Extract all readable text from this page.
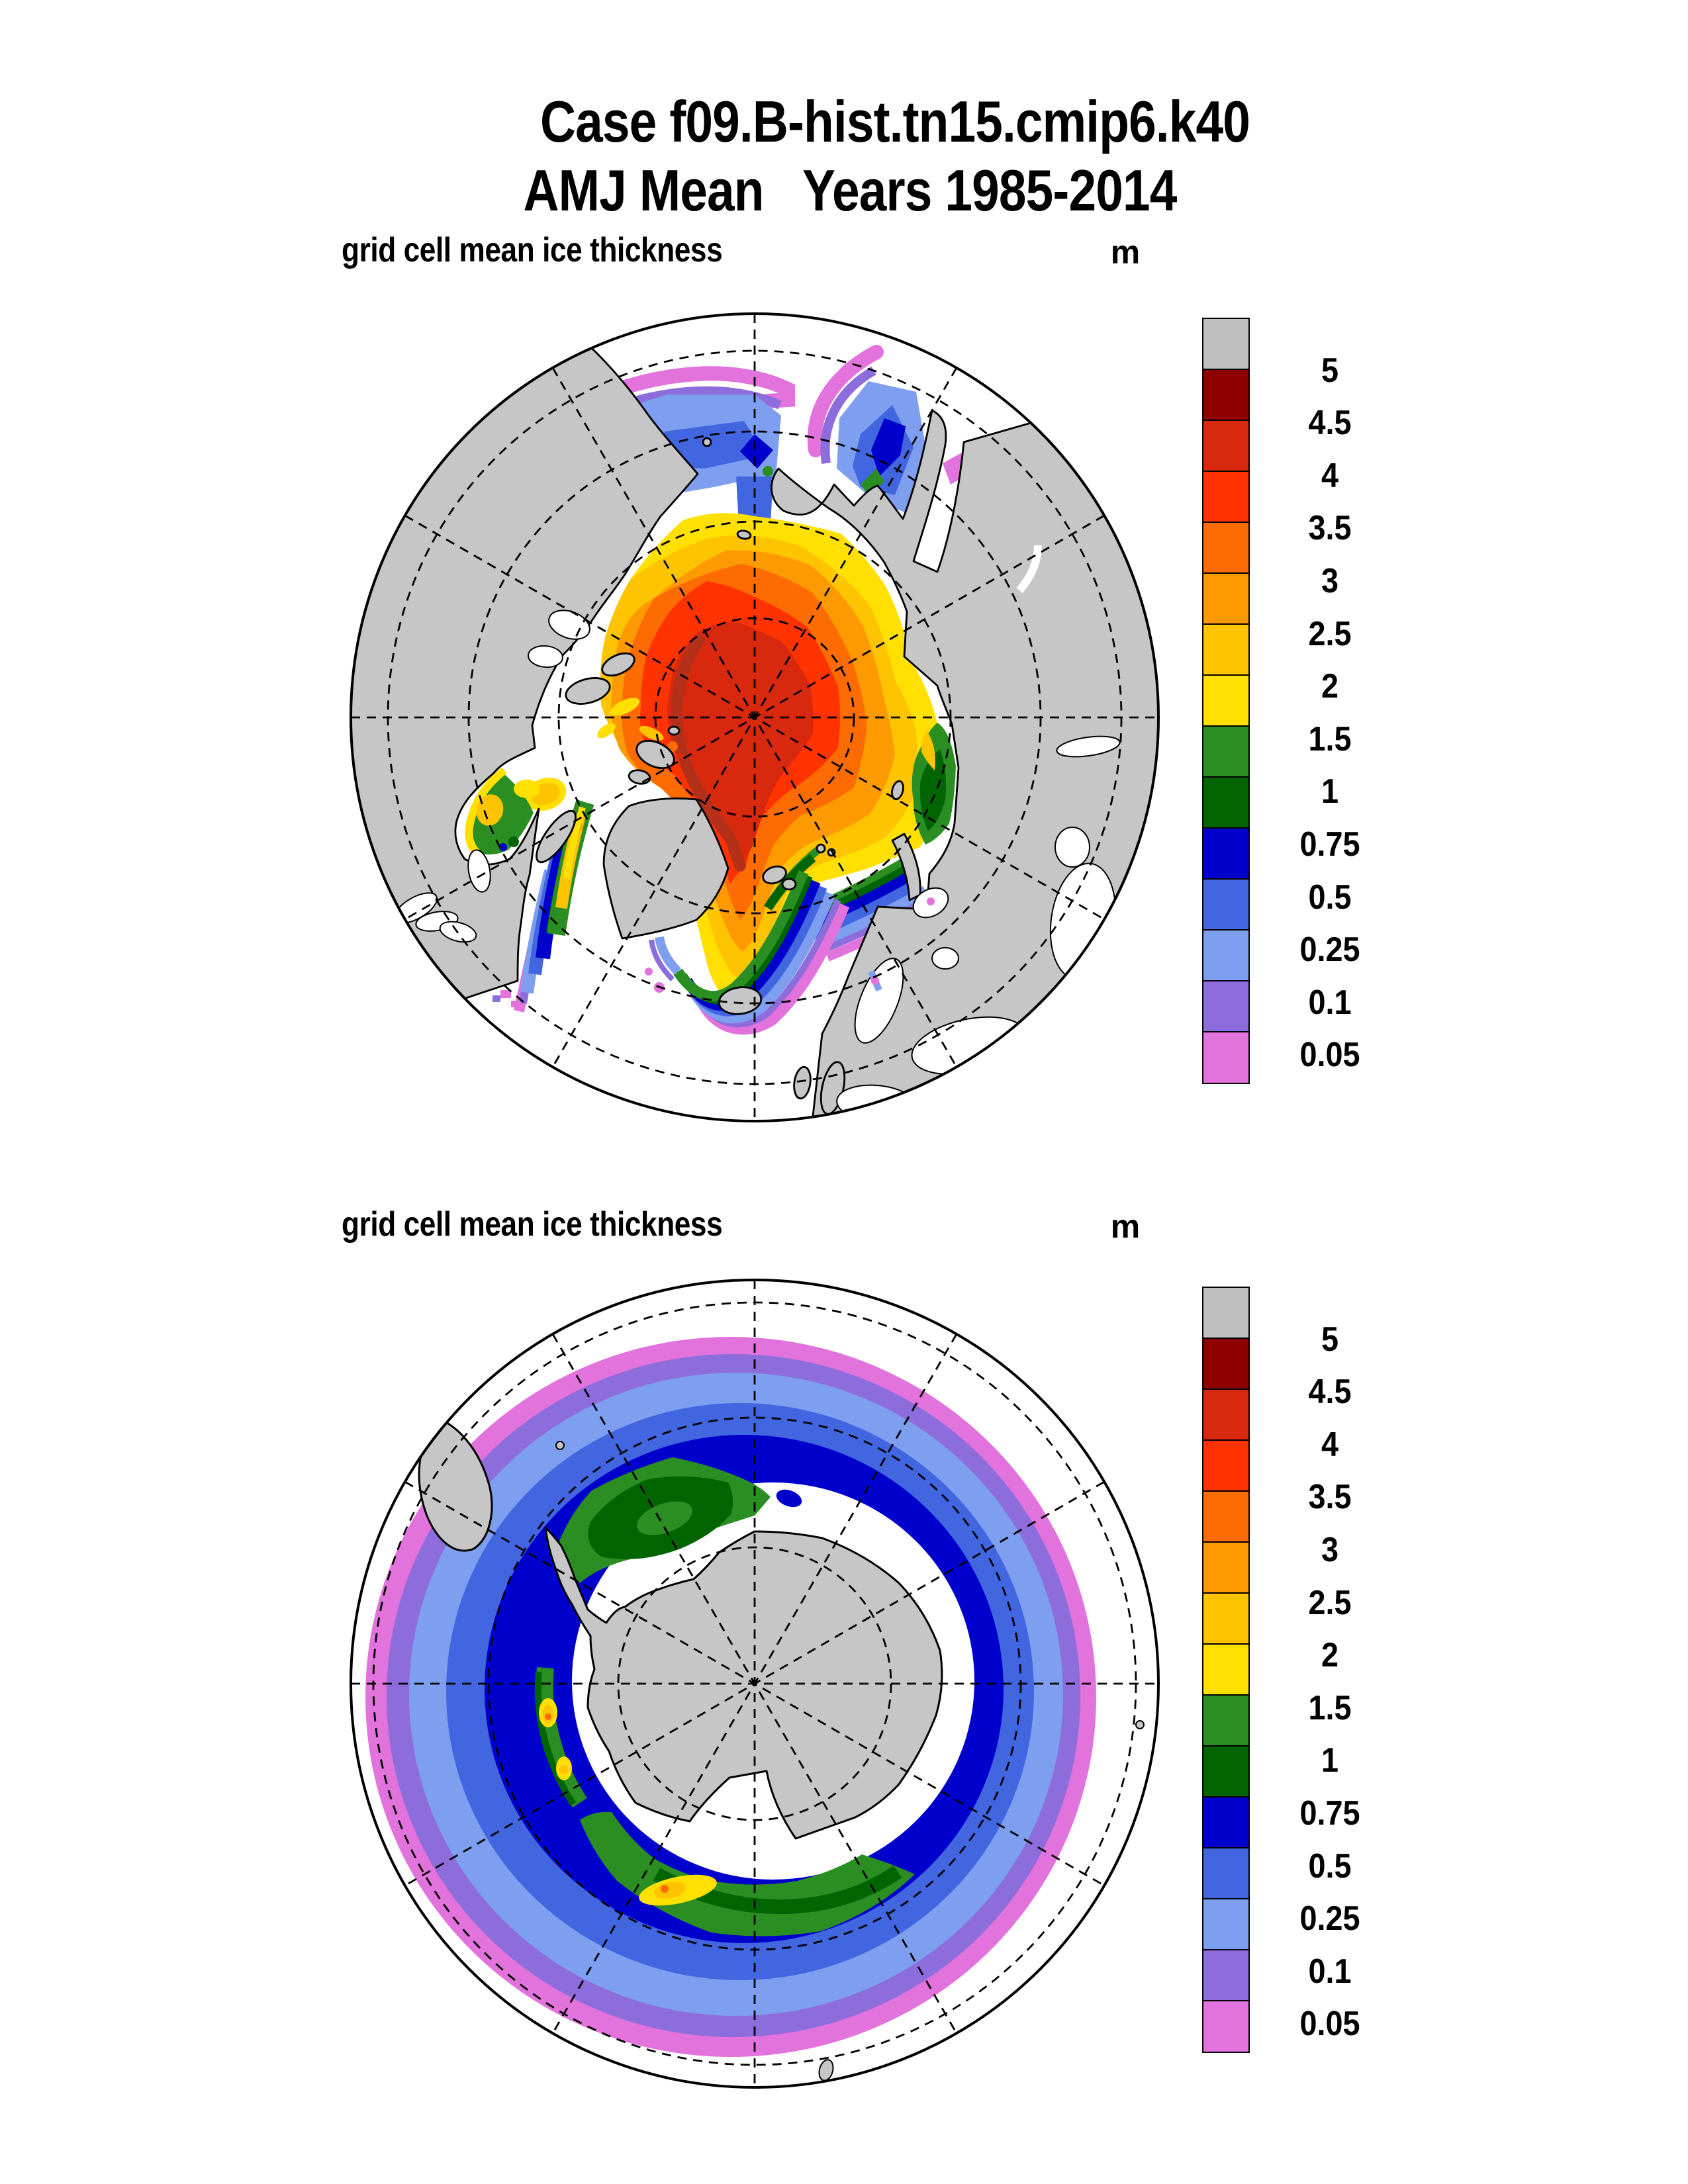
Case f09.B-hist.tn15.cmip6.k40
AMJ Mean   Years 1985-2014
grid cell mean ice thickness	m
5
4.5
4
3.5
3
2.5
2
1.5
1
0.75
0.5
0.25
0.1
0.05
grid cell mean ice thickness	m
5
4.5
4
3.5
3
2.5
2
1.5
1
0.75
0.5
0.25
0.1
0.05
